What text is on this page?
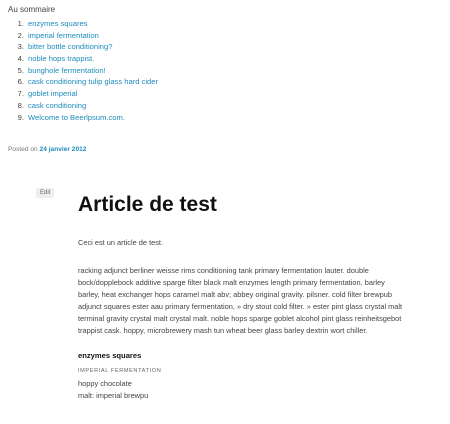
Au sommaire

1. enzymes squares
2. imperial fermentation
3. bitter bottle conditioning?
4. noble hops trappist.
5. bunghole fermentation!
6. cask conditioning tulip glass hard cider
7. goblet imperial
8. cask conditioning
9. Welcome to Beerlpsum.com.
Posted on 24 janvier 2012
Edit Article de test

Ceci est un article de test.

racking adjunct berliner weisse rims conditioning tank primary fermentation lauter. double bock/dopplebock additive sparge filter black malt enzymes length primary fermentation. barley barley, heat exchanger hops caramel malt abv; abbey original gravity. pilsner. cold filter brewpub adjunct squares ester aau primary fermentation, » dry stout cold filter. » ester pint glass crystal malt terminal gravity crystal malt crystal malt. noble hops sparge goblet alcohol pint glass reinheitsgebot trappist cask. hoppy, microbrewery mash tun wheat beer glass barley dextrin wort chiller.

enzymes squares

IMPERIAL FERMENTATION

hoppy chocolate

malt: imperial brewpu
